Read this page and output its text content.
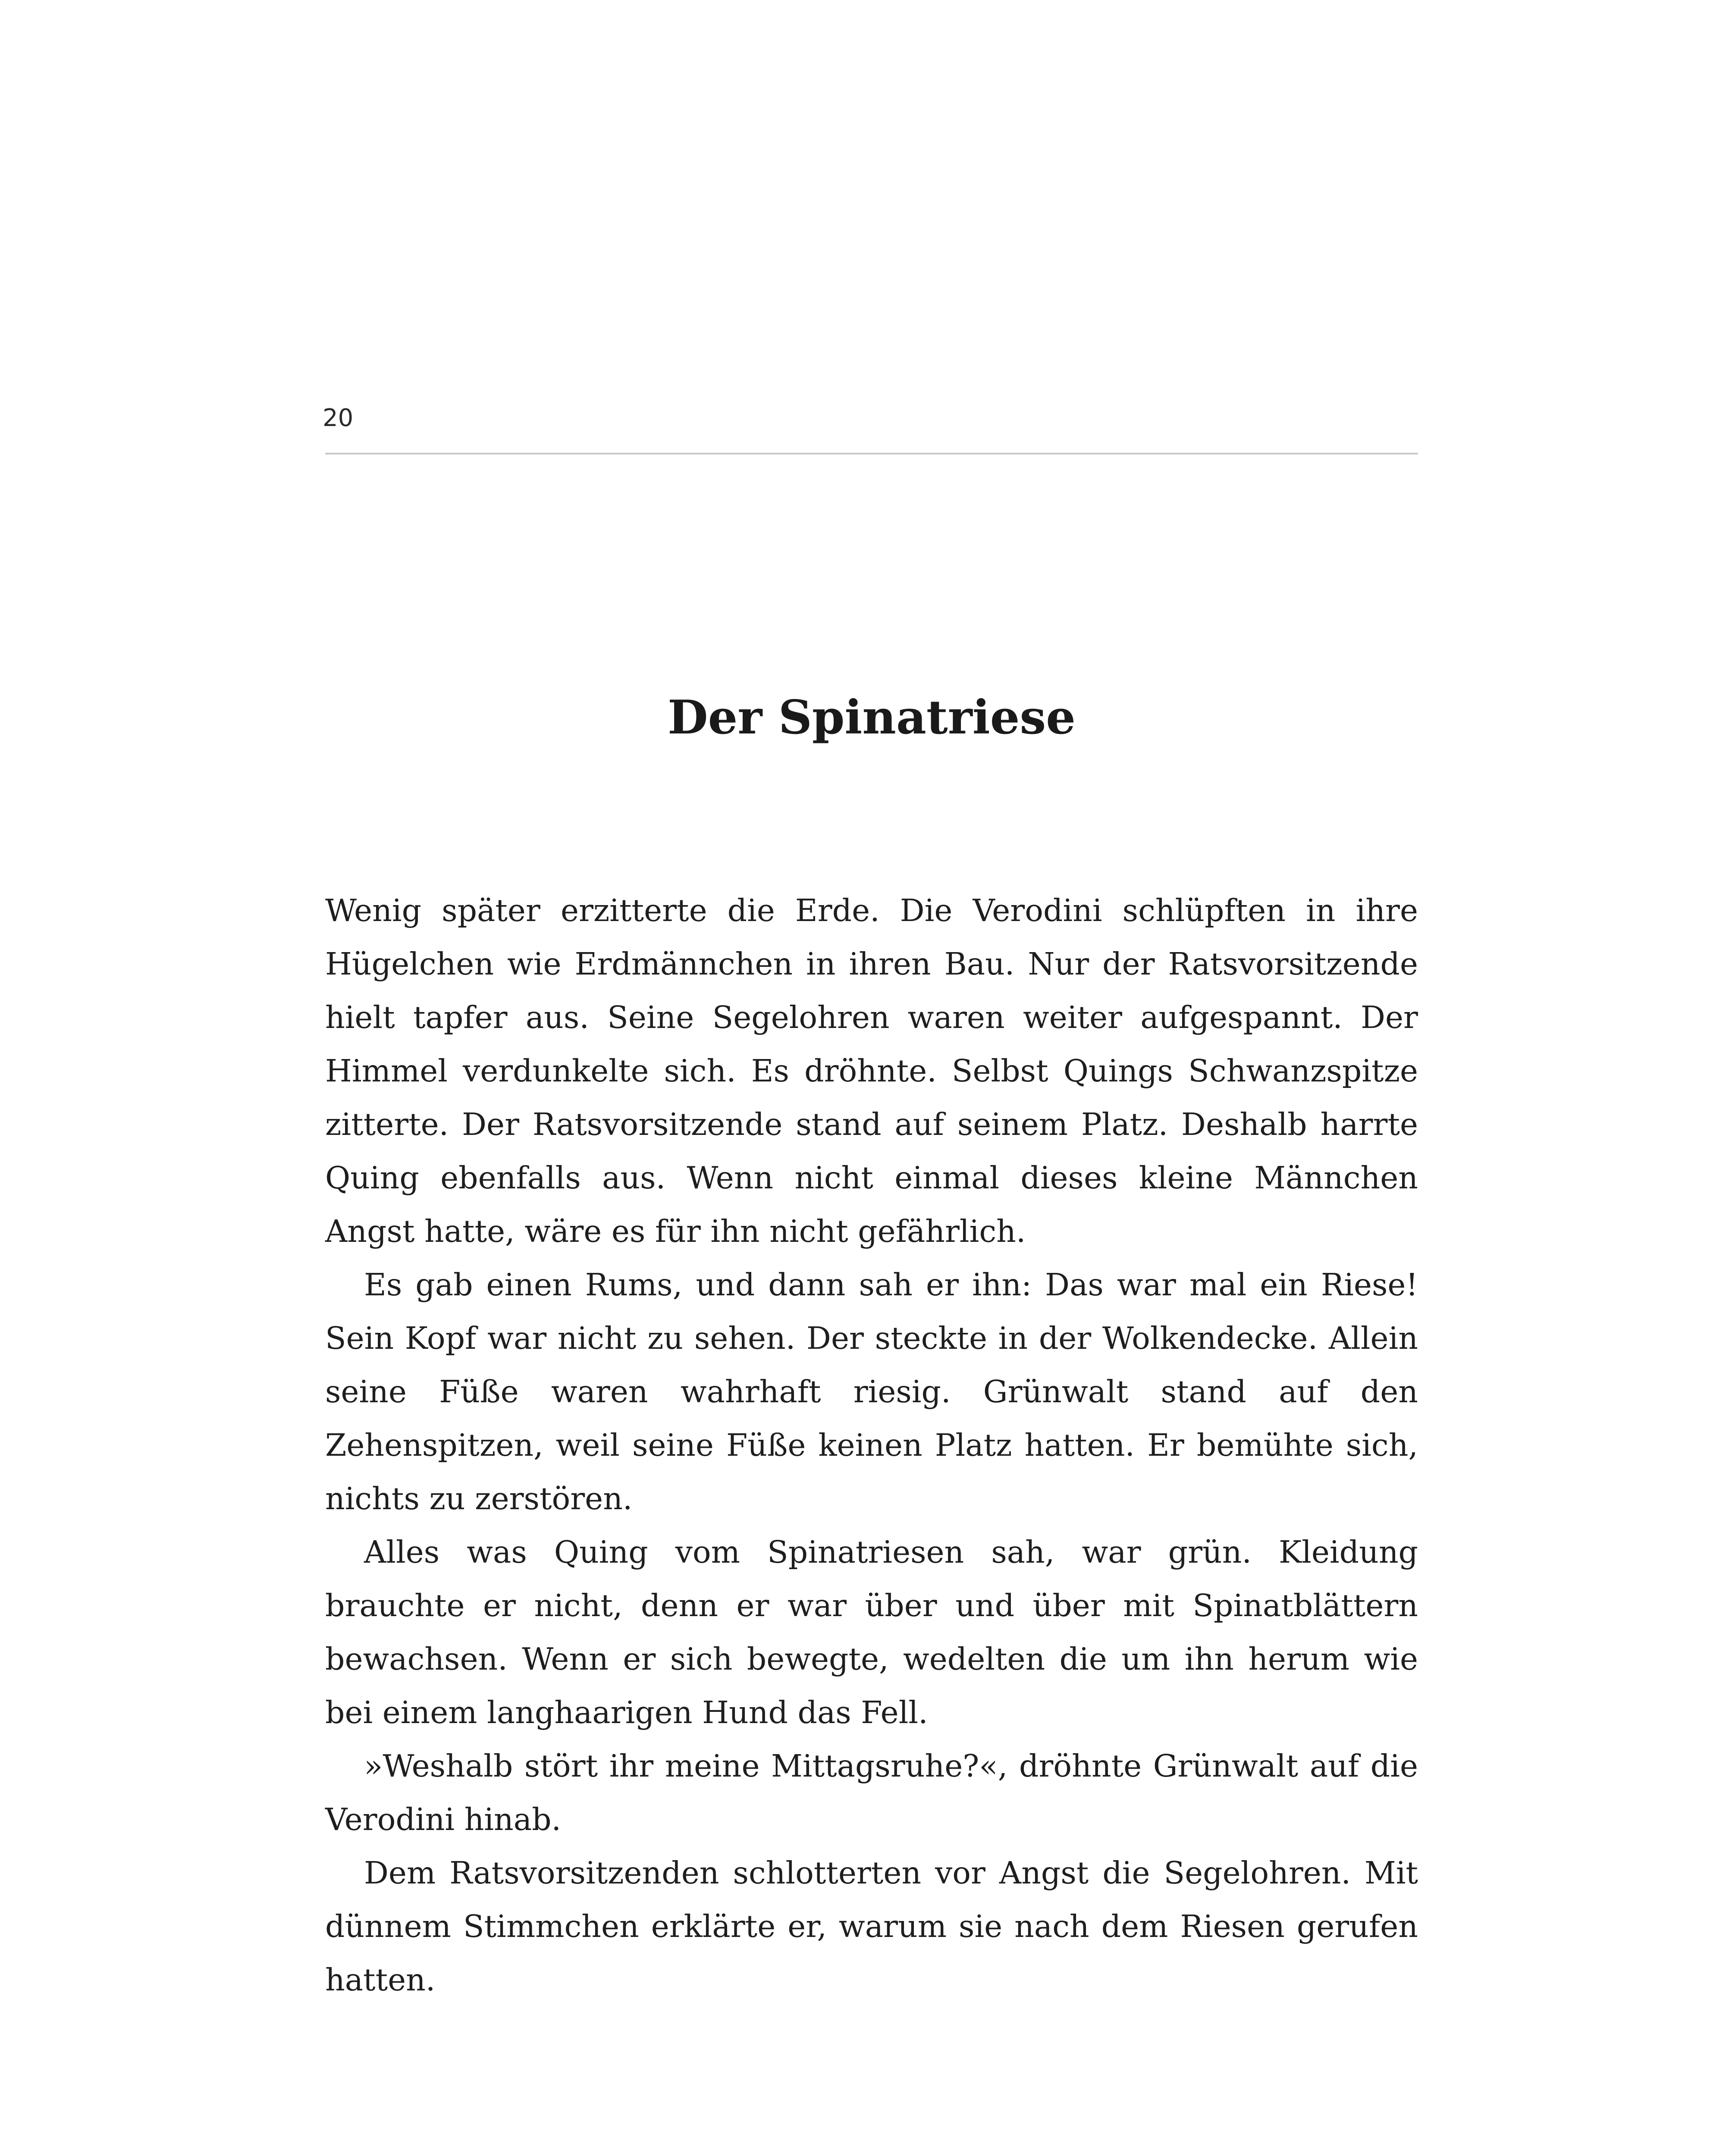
20
Der Spinatriese

Wenig später erzitterte die Erde. Die Verodini schlüpften in ihre Hügelchen wie Erdmännchen in ihren Bau. Nur der Ratsvorsitzende hielt tapfer aus. Seine Segelohren waren weiter aufgespannt. Der Himmel verdunkelte sich. Es dröhnte. Selbst Quings Schwanzspitze zitterte. Der Ratsvorsitzende stand auf seinem Platz. Deshalb harrte Quing ebenfalls aus. Wenn nicht einmal dieses kleine Männchen Angst hatte, wäre es für ihn nicht gefährlich.

Es gab einen Rums, und dann sah er ihn: Das war mal ein Riese! Sein Kopf war nicht zu sehen. Der steckte in der Wolkendecke. Allein seine Füße waren wahrhaft riesig. Grünwalt stand auf den Zehenspitzen, weil seine Füße keinen Platz hatten. Er bemühte sich, nichts zu zerstören.

Alles was Quing vom Spinatriesen sah, war grün. Kleidung brauchte er nicht, denn er war über und über mit Spinatblättern bewachsen. Wenn er sich bewegte, wedelten die um ihn herum wie bei einem langhaarigen Hund das Fell.

»Weshalb stört ihr meine Mittagsruhe?«, dröhnte Grünwalt auf die Verodini hinab.

Dem Ratsvorsitzenden schlotterten vor Angst die Segelohren. Mit dünnem Stimmchen erklärte er, warum sie nach dem Riesen gerufen hatten.
